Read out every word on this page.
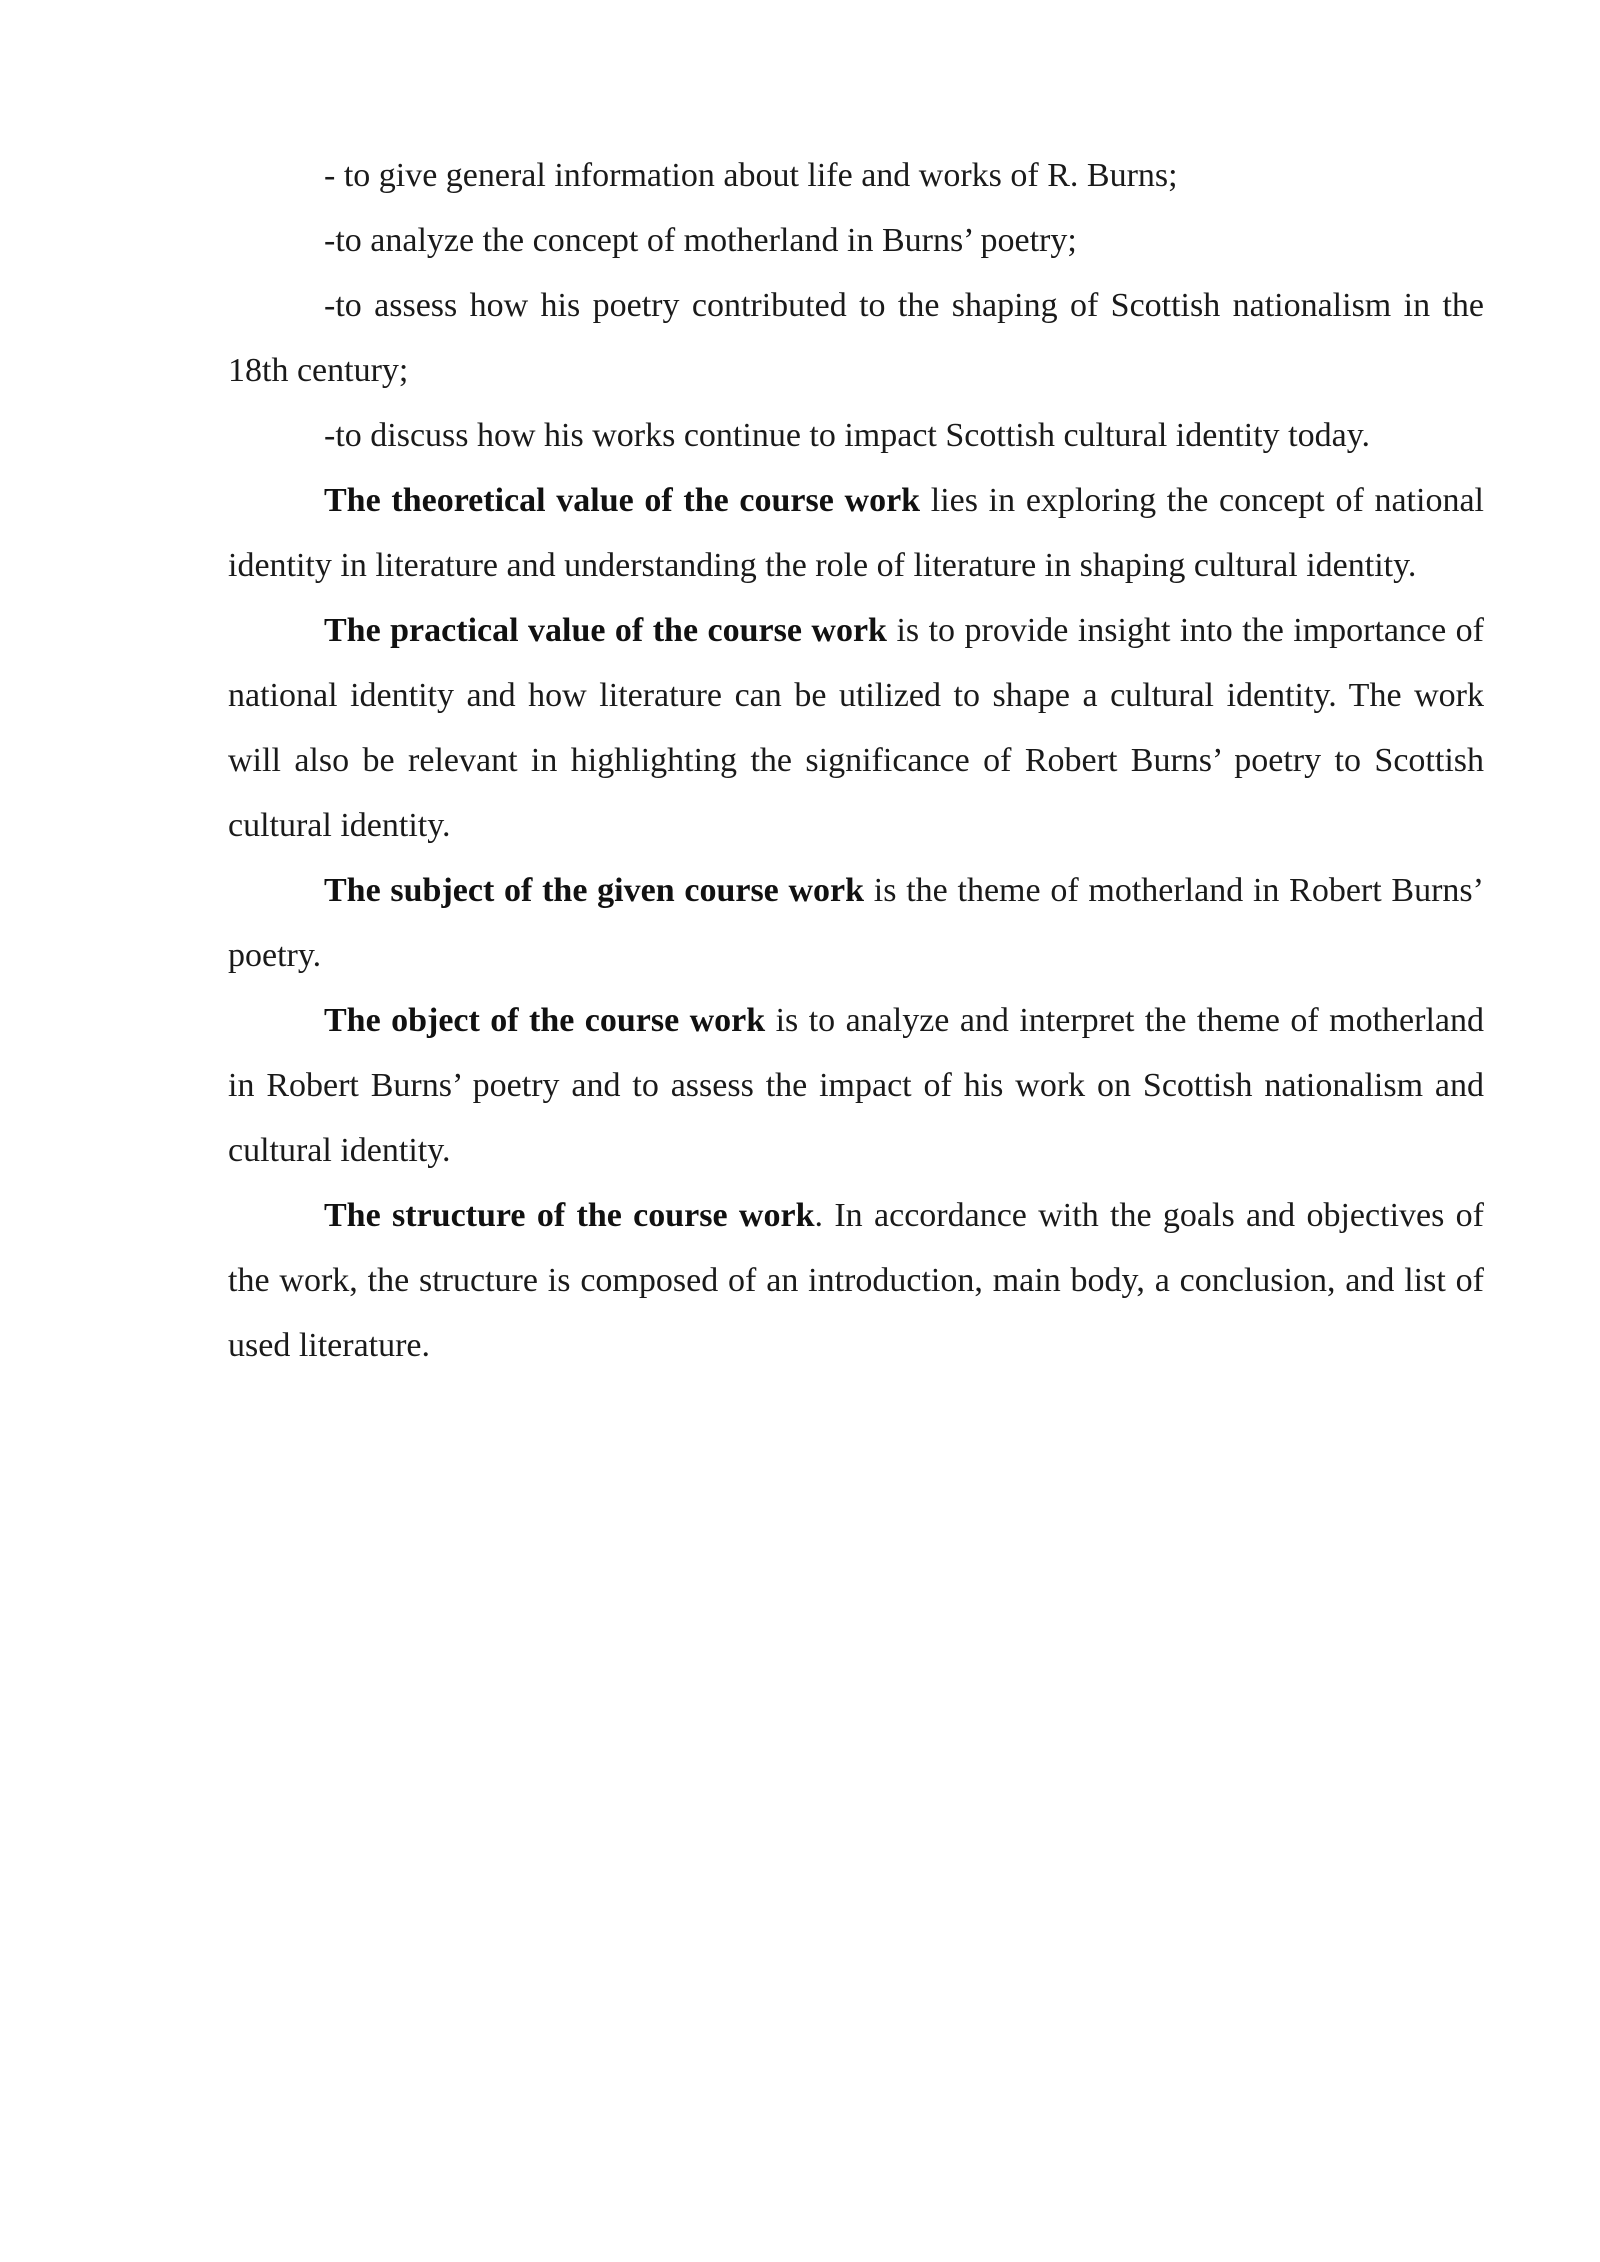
- to give general information about life and works of R. Burns;

-to analyze the concept of motherland in Burns’ poetry;

-to assess how his poetry contributed to the shaping of Scottish nationalism in the 18th century;

-to discuss how his works continue to impact Scottish cultural identity today.

The theoretical value of the course work lies in exploring the concept of national identity in literature and understanding the role of literature in shaping cultural identity.

The practical value of the course work is to provide insight into the importance of national identity and how literature can be utilized to shape a cultural identity. The work will also be relevant in highlighting the significance of Robert Burns’ poetry to Scottish cultural identity.

The subject of the given course work is the theme of motherland in Robert Burns’ poetry.

The object of the course work is to analyze and interpret the theme of motherland in Robert Burns’ poetry and to assess the impact of his work on Scottish nationalism and cultural identity.

The structure of the course work. In accordance with the goals and objectives of the work, the structure is composed of an introduction, main body, a conclusion, and list of used literature.
